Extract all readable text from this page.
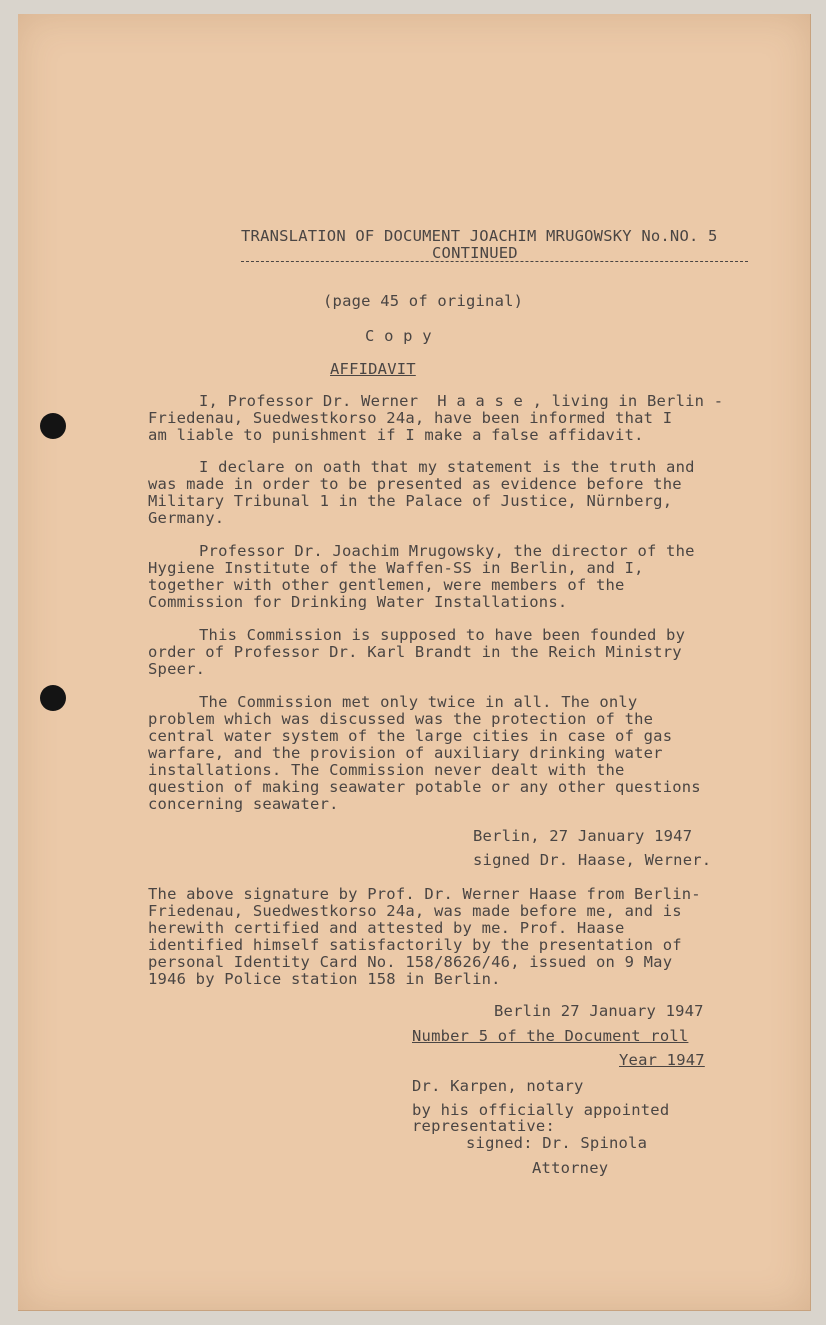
TRANSLATION OF DOCUMENT JOACHIM MRUGOWSKY No.NO. 5
CONTINUED
(page 45 of original)
C o p y
AFFIDAVIT
I, Professor Dr. Werner  H a a s e , living in Berlin -
Friedenau, Suedwestkorso 24a, have been informed that I
am liable to punishment if I make a false affidavit.
I declare on oath that my statement is the truth and
was made in order to be presented as evidence before the
Military Tribunal 1 in the Palace of Justice, Nürnberg,
Germany.
Professor Dr. Joachim Mrugowsky, the director of the
Hygiene Institute of the Waffen-SS in Berlin, and I,
together with other gentlemen, were members of the
Commission for Drinking Water Installations.
This Commission is supposed to have been founded by
order of Professor Dr. Karl Brandt in the Reich Ministry
Speer.
The Commission met only twice in all. The only
problem which was discussed was the protection of the
central water system of the large cities in case of gas
warfare, and the provision of auxiliary drinking water
installations. The Commission never dealt with the
question of making seawater potable or any other questions
concerning seawater.
Berlin, 27 January 1947
signed Dr. Haase, Werner.
The above signature by Prof. Dr. Werner Haase from Berlin-
Friedenau, Suedwestkorso 24a, was made before me, and is
herewith certified and attested by me. Prof. Haase
identified himself satisfactorily by the presentation of
personal Identity Card No. 158/8626/46, issued on 9 May
1946 by Police station 158 in Berlin.
Berlin 27 January 1947
Number 5 of the Document roll
Year 1947
Dr. Karpen, notary
by his officially appointed
representative:
signed: Dr. Spinola
Attorney
